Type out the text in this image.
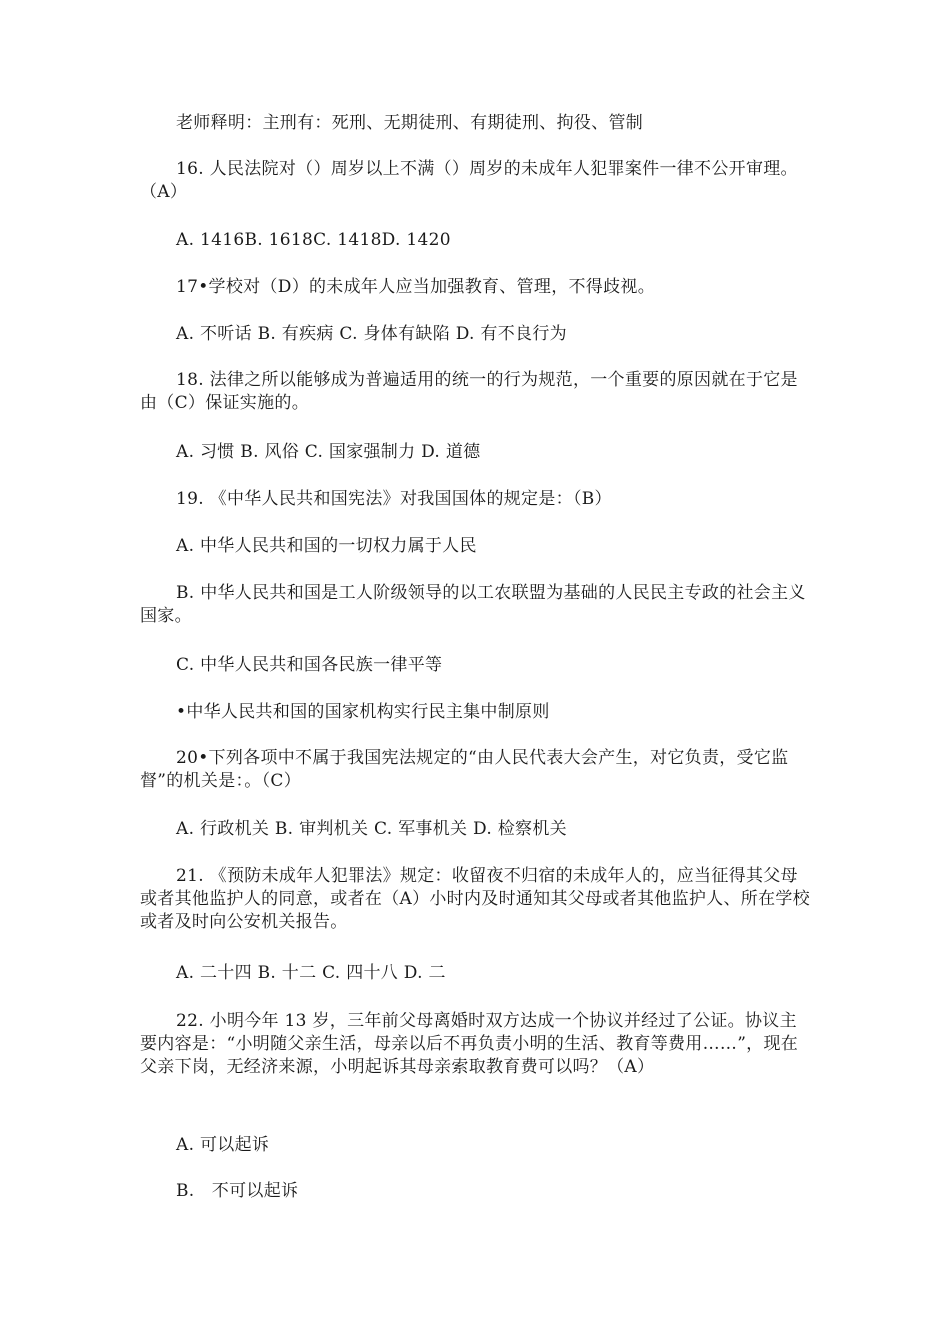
老师释明：主刑有：死刑、无期徒刑、有期徒刑、拘役、管制
16. 人民法院对（）周岁以上不满（）周岁的未成年人犯罪案件一律不公开审理。（A）
A. 1416B. 1618C. 1418D. 1420
17•学校对（D）的未成年人应当加强教育、管理，不得歧视。
A. 不听话 B. 有疾病 C. 身体有缺陷 D. 有不良行为
18. 法律之所以能够成为普遍适用的统一的行为规范，一个重要的原因就在于它是由（C）保证实施的。
A. 习惯 B. 风俗 C. 国家强制力 D. 道德
19. 《中华人民共和国宪法》对我国国体的规定是：（B）
A. 中华人民共和国的一切权力属于人民
B. 中华人民共和国是工人阶级领导的以工农联盟为基础的人民民主专政的社会主义国家。
C. 中华人民共和国各民族一律平等
•中华人民共和国的国家机构实行民主集中制原则
20•下列各项中不属于我国宪法规定的“由人民代表大会产生，对它负责，受它监督”的机关是：。（C）
A. 行政机关 B. 审判机关 C. 军事机关 D. 检察机关
21. 《预防未成年人犯罪法》规定：收留夜不归宿的未成年人的，应当征得其父母或者其他监护人的同意，或者在（A）小时内及时通知其父母或者其他监护人、所在学校或者及时向公安机关报告。
A. 二十四 B. 十二 C. 四十八 D. 二
22. 小明今年 13 岁，三年前父母离婚时双方达成一个协议并经过了公证。协议主要内容是：“小明随父亲生活，母亲以后不再负责小明的生活、教育等费用……”，现在父亲下岗，无经济来源，小明起诉其母亲索取教育费可以吗？（A）
A. 可以起诉
B.　不可以起诉
